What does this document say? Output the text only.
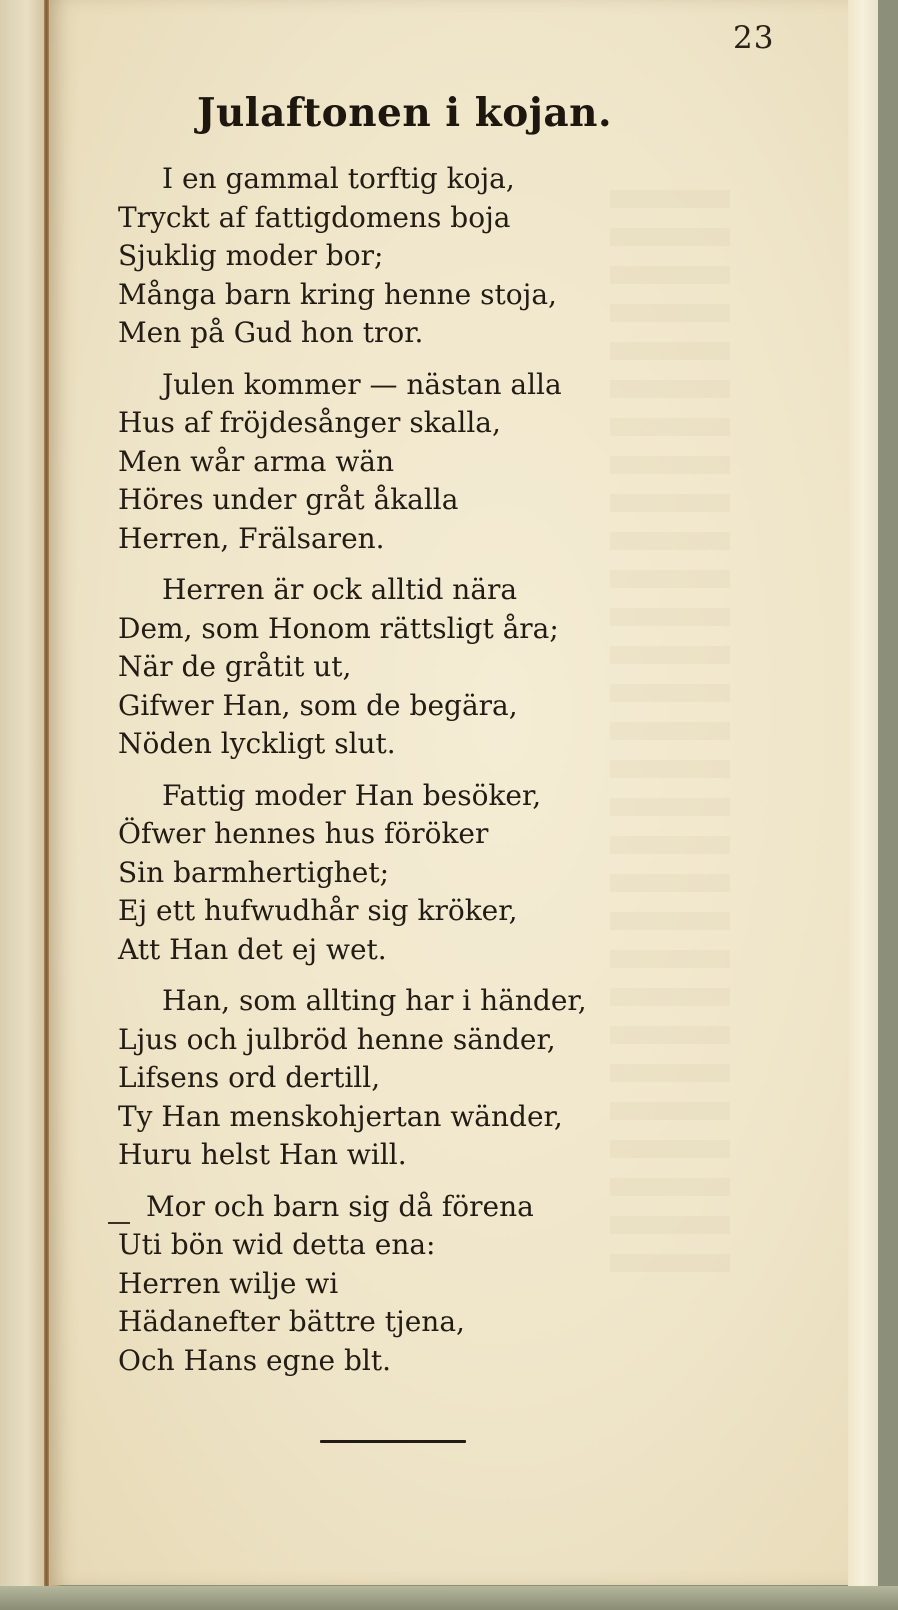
23
Julaftonen i kojan.
I en gammal torftig koja,
Tryckt af fattigdomens boja
Sjuklig moder bor;
Många barn kring henne stoja,
Men på Gud hon tror.
Julen kommer — nästan alla
Hus af fröjdesånger skalla,
Men wår arma wän
Höres under gråt åkalla
Herren, Frälsaren.
Herren är ock alltid nära
Dem, som Honom rättsligt åra;
När de gråtit ut,
Gifwer Han, som de begära,
Nöden lyckligt slut.
Fattig moder Han besöker,
Öfwer hennes hus föröker
Sin barmhertighet;
Ej ett hufwudhår sig kröker,
Att Han det ej wet.
Han, som allting har i händer,
Ljus och julbröd henne sänder,
Lifsens ord dertill,
Ty Han menskohjertan wänder,
Huru helst Han will.
Mor och barn sig då förena
Uti bön wid detta ena:
Herren wilje wi
Hädanefter bättre tjena,
Och Hans egne blt.
